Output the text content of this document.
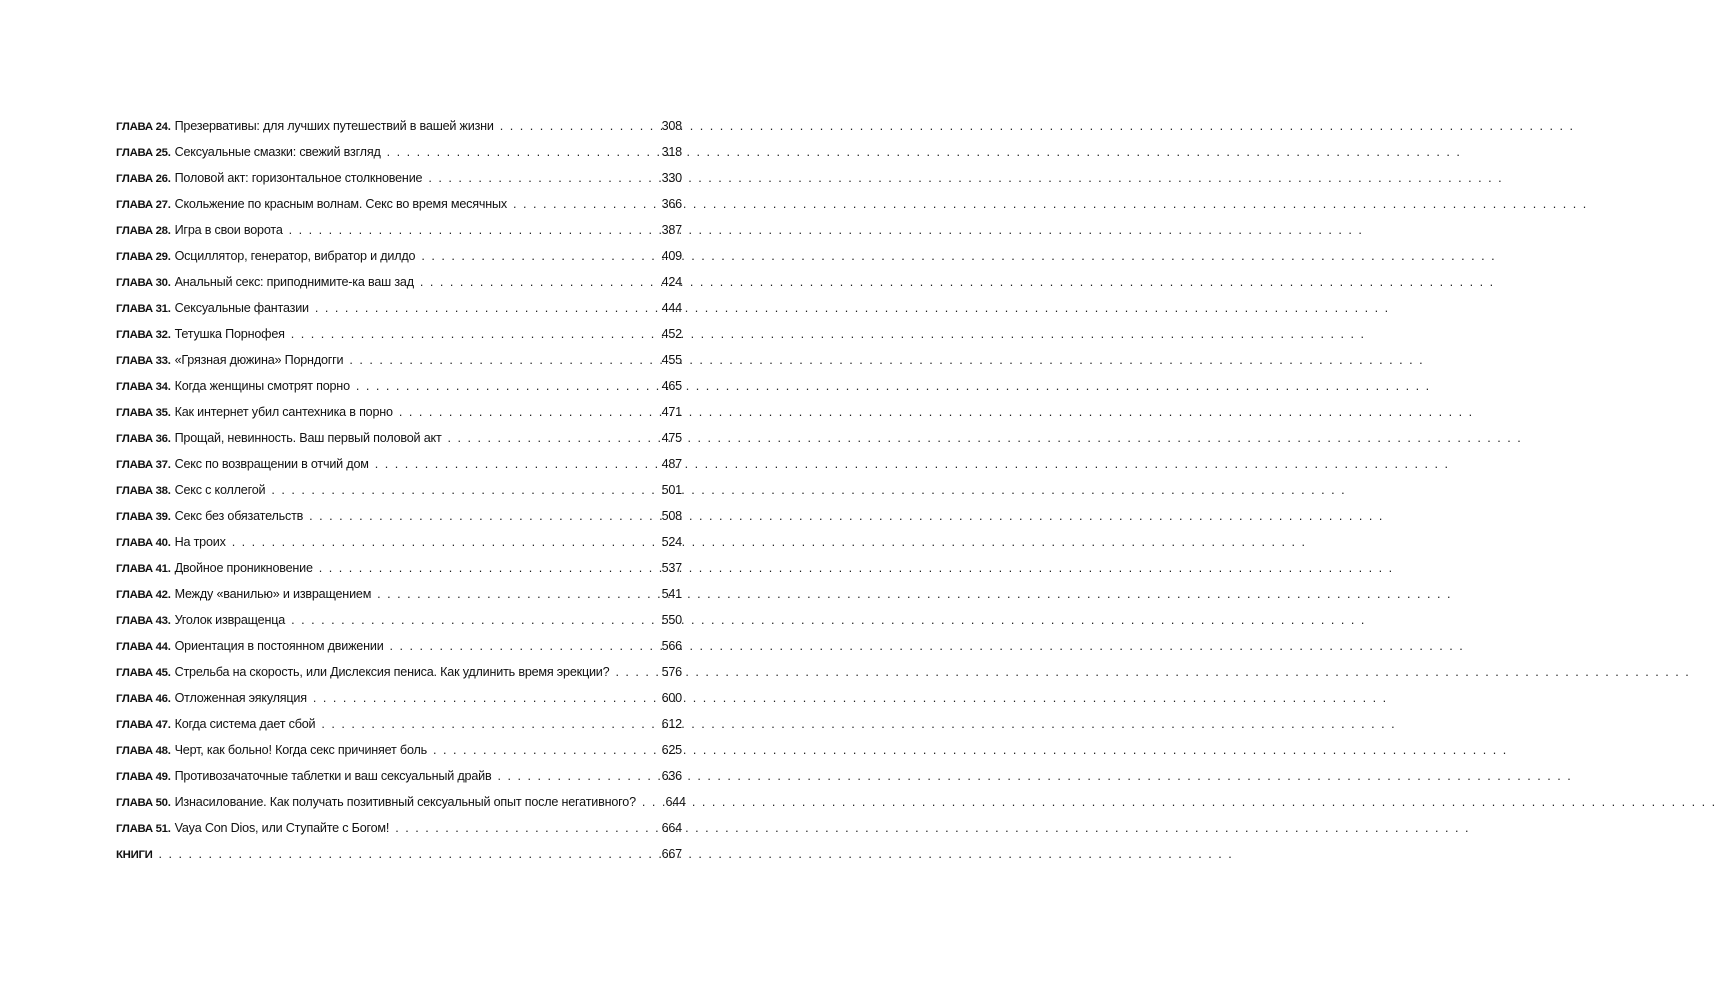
ГЛАВА 24. Презервативы: для лучших путешествий в вашей жизни . . .	308
ГЛАВА 25. Сексуальные смазки: свежий взгляд . . .	318
ГЛАВА 26. Половой акт: горизонтальное столкновение . . .	330
ГЛАВА 27. Скольжение по красным волнам. Секс во время месячных . . .	366
ГЛАВА 28. Игра в свои ворота . . .	387
ГЛАВА 29. Осциллятор, генератор, вибратор и дилдо . . .	409
ГЛАВА 30. Анальный секс: приподнимите-ка ваш зад . . .	424
ГЛАВА 31. Сексуальные фантазии . . .	444
ГЛАВА 32. Тетушка Порнофея . . .	452
ГЛАВА 33. «Грязная дюжина» Порндогги . . .	455
ГЛАВА 34. Когда женщины смотрят порно . . .	465
ГЛАВА 35. Как интернет убил сантехника в порно . . .	471
ГЛАВА 36. Прощай, невинность. Ваш первый половой акт . . .	475
ГЛАВА 37. Секс по возвращении в отчий дом . . .	487
ГЛАВА 38. Секс с коллегой . . .	501
ГЛАВА 39. Секс без обязательств . . .	508
ГЛАВА 40. На троих . . .	524
ГЛАВА 41. Двойное проникновение . . .	537
ГЛАВА 42. Между «ванилью» и извращением . . .	541
ГЛАВА 43. Уголок извращенца . . .	550
ГЛАВА 44. Ориентация в постоянном движении . . .	566
ГЛАВА 45. Стрельба на скорость, или Дислексия пениса. Как удлинить время эрекции? . . .	576
ГЛАВА 46. Отложенная эякуляция . . .	600
ГЛАВА 47. Когда система дает сбой . . .	612
ГЛАВА 48. Черт, как больно! Когда секс причиняет боль . . .	625
ГЛАВА 49. Противозачаточные таблетки и ваш сексуальный драйв . . .	636
ГЛАВА 50. Изнасилование. Как получать позитивный сексуальный опыт после негативного? . . .	644
ГЛАВА 51. Vaya Con Dios, или Ступайте с Богом! . . .	664
КНИГИ . . .	667
